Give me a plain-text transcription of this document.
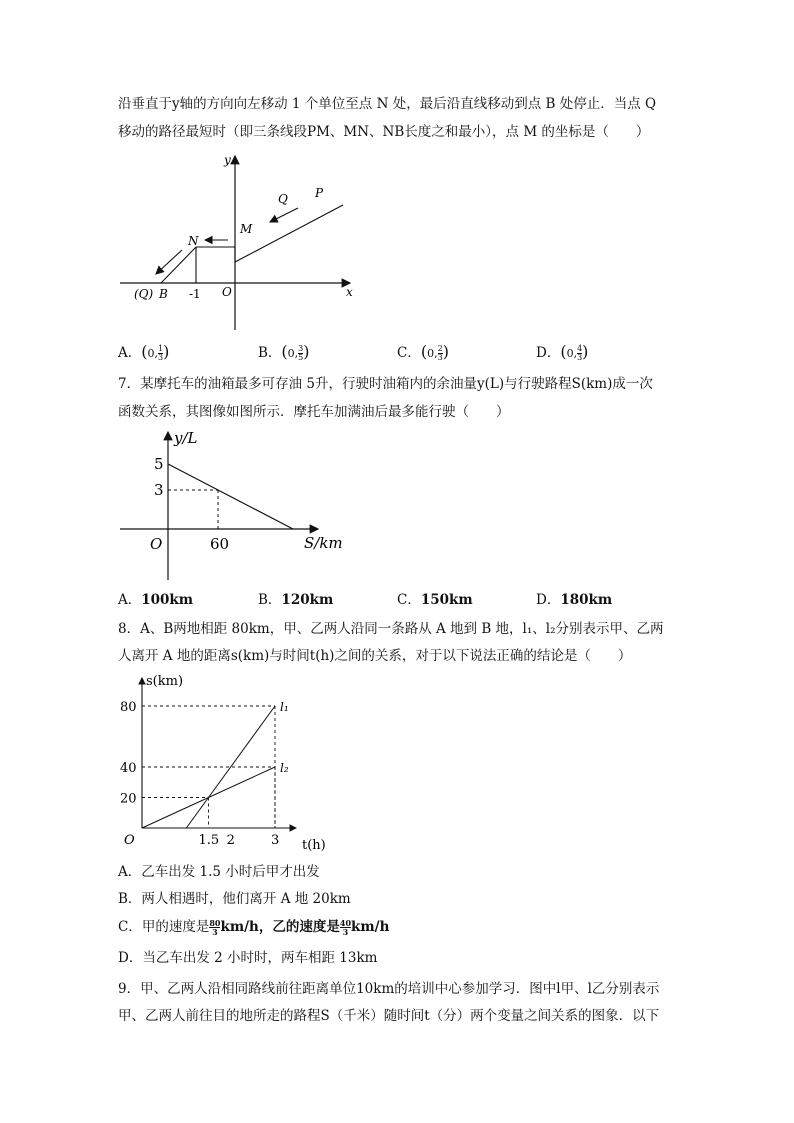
沿垂直于y轴的方向向左移动 1 个单位至点 N 处，最后沿直线移动到点 B 处停止．当点 Q
移动的路径最短时（即三条线段PM、MN、NB长度之和最小），点 M 的坐标是（　　）
y
x
O
P
Q
M
N
(Q) B -1
A．(0, $\frac{1}{3}$ )	B．(0, $\frac{3}{5}$ )	C．(0, $\frac{2}{3}$ )	D．(0, $\frac{4}{3}$ )
7．某摩托车的油箱最多可存油 5升，行驶时油箱内的余油量y(L)与行驶路程S(km)成一次
函数关系，其图像如图所示．摩托车加满油后最多能行驶（　　）
y/L
S/km
O
3
5
60
A．100km	B．120km	C．150km	D．180km
8．A、B两地相距 80km，甲、乙两人沿同一条路从 A 地到 B 地，l₁、l₂分别表示甲、乙两
人离开 A 地的距离s(km)与时间t(h)之间的关系，对于以下说法正确的结论是（　　）
s(km)
t(h)
O
20
40
80
1.5 2	3
l₁
l₂
A．乙车出发 1.5 小时后甲才出发
B．两人相遇时，他们离开 A 地 20km
C．甲的速度是 $\frac{80}{3} km/h$，乙的速度是 $\frac{40}{3} km/h$
D．当乙车出发 2 小时时，两车相距 13km
9．甲、乙两人沿相同路线前往距离单位10km的培训中心参加学习．图中l甲、l乙分别表示
甲、乙两人前往目的地所走的路程S（千米）随时间t（分）两个变量之间关系的图象．以下
